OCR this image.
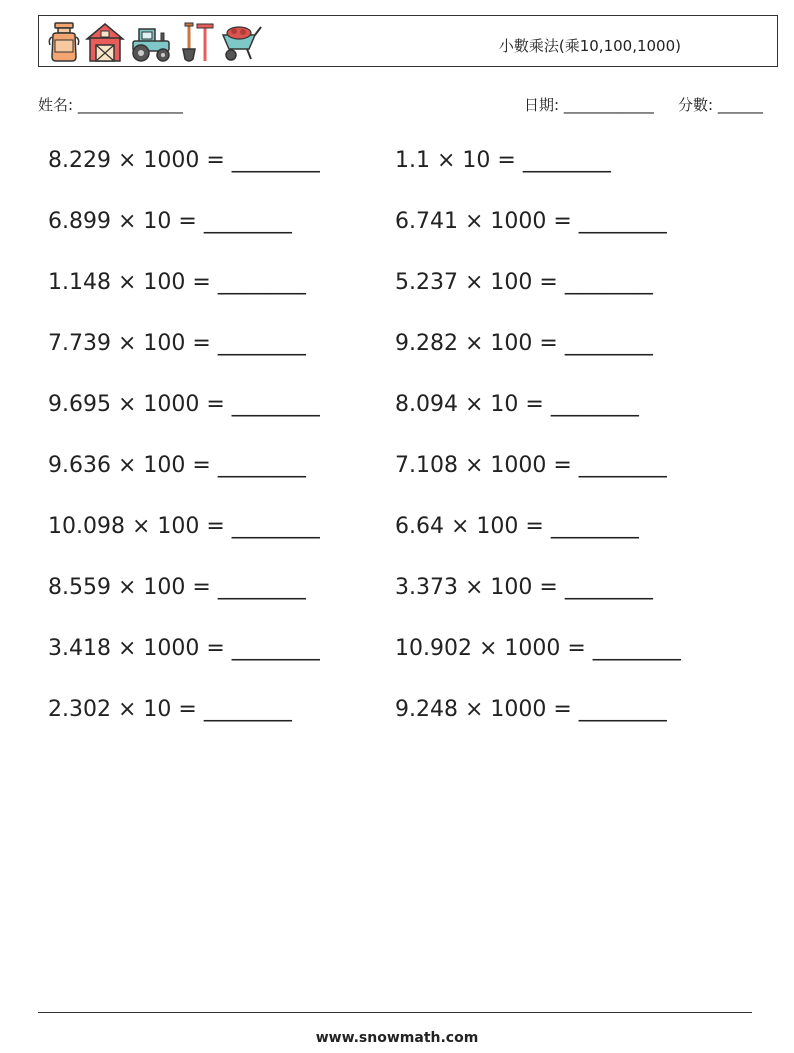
小數乘法(乘10,100,1000)
姓名: ______________	日期: ____________ 分數: ______
8.229 × 1000 = ________	1.1 × 10 = ________
6.899 × 10 = ________	6.741 × 1000 = ________
1.148 × 100 = ________	5.237 × 100 = ________
7.739 × 100 = ________	9.282 × 100 = ________
9.695 × 1000 = ________	8.094 × 10 = ________
9.636 × 100 = ________	7.108 × 1000 = ________
10.098 × 100 = ________	6.64 × 100 = ________
8.559 × 100 = ________	3.373 × 100 = ________
3.418 × 1000 = ________	10.902 × 1000 = ________
2.302 × 10 = ________	9.248 × 1000 = ________
www.snowmath.com
